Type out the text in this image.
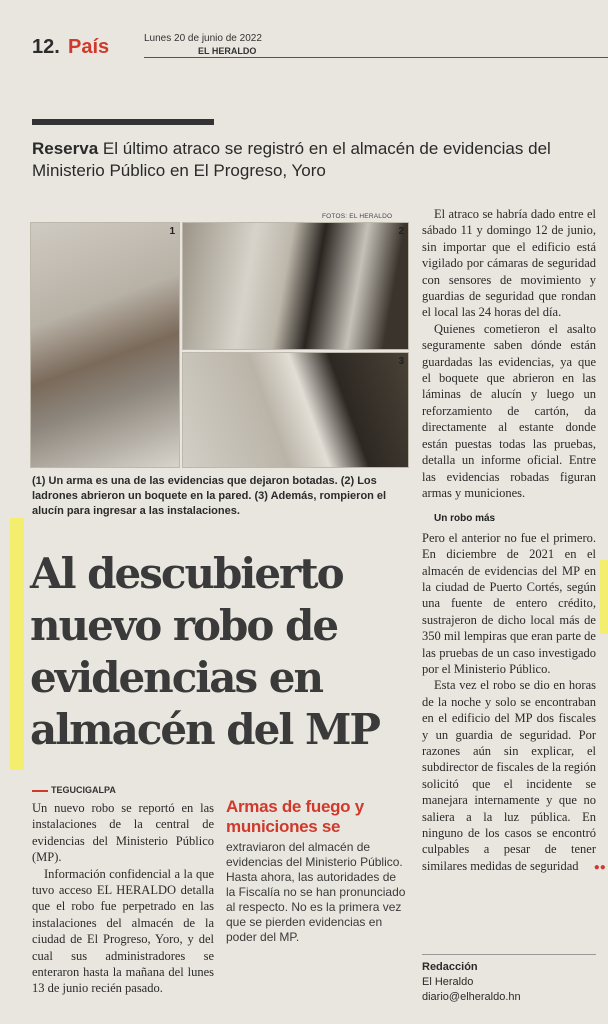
12. País	Lunes 20 de junio de 2022
EL HERALDO
Reserva El último atraco se registró en el almacén de evidencias del Ministerio Público en El Progreso, Yoro
FOTOS: EL HERALDO
1	2
3
(1) Un arma es una de las evidencias que dejaron botadas. (2) Los ladrones abrieron un boquete en la pared. (3) Además, rompieron el alucín para ingresar a las instalaciones.
Al descubierto nuevo robo de evidencias en almacén del MP
TEGUCIGALPA

Un nuevo robo se reportó en las instalaciones de la central de evidencias del Ministerio Público (MP).

Información confidencial a la que tuvo acceso EL HERALDO detalla que el robo fue perpetrado en las instalaciones del almacén de la ciudad de El Progreso, Yoro, y del cual sus administradores se enteraron hasta la mañana del lunes 13 de junio recién pasado.

Armas de fuego y municiones se
extraviaron del almacén de evidencias del Ministerio Público. Hasta ahora, las autoridades de la Fiscalía no se han pronunciado al respecto. No es la primera vez que se pierden evidencias en poder del MP.

El atraco se habría dado entre el sábado 11 y domingo 12 de junio, sin importar que el edificio está vigilado por cámaras de seguridad con sensores de movimiento y guardias de seguridad que rondan el local las 24 horas del día.

Quienes cometieron el asalto seguramente saben dónde están guardadas las evidencias, ya que el boquete que abrieron en las láminas de alucín y luego un reforzamiento de cartón, da directamente al estante donde están puestas todas las pruebas, detalla un informe oficial. Entre las evidencias robadas figuran armas y municiones.

Un robo más

Pero el anterior no fue el primero. En diciembre de 2021 en el almacén de evidencias del MP en la ciudad de Puerto Cortés, según una fuente de entero crédito, sustrajeron de dicho local más de 350 mil lempiras que eran parte de las pruebas de un caso investigado por el Ministerio Público.

Esta vez el robo se dio en horas de la noche y solo se encontraban en el edificio del MP dos fiscales y un guardia de seguridad. Por razones aún sin explicar, el subdirector de fiscales de la región solicitó que el incidente se manejara internamente y que no saliera a la luz pública. En ninguno de los casos se encontró culpables a pesar de tener similares medidas de seguridad ●●

Redacción
El Heraldo
diario@elheraldo.hn
